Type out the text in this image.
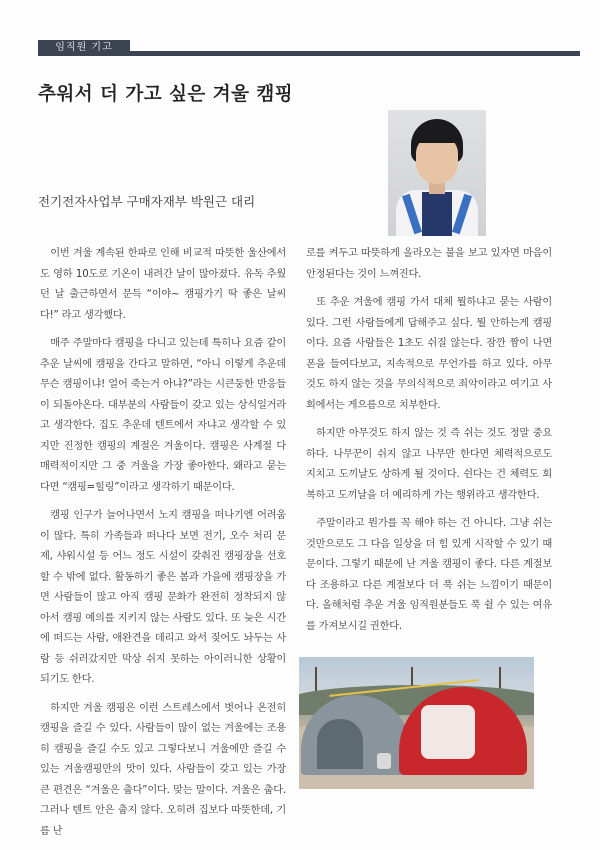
임직원 기고
추워서 더 가고 싶은 겨울 캠핑
전기전자사업부 구매자재부 박원근 대리

이번 겨울 계속된 한파로 인해 비교적 따뜻한 울산에서도 영하 10도로 기온이 내려간 날이 많아졌다. 유독 추웠던 날 출근하면서 문득 “이야~ 캠핑가기 딱 좋은 날씨다!” 라고 생각했다.

매주 주말마다 캠핑을 다니고 있는데 특히나 요즘 같이 추운 날씨에 캠핑을 간다고 말하면, “아니 이렇게 추운데 무슨 캠핑이냐! 얼어 죽는거 아냐?”라는 시큰둥한 반응들이 되돌아온다. 대부분의 사람들이 갖고 있는 상식일거라고 생각한다. 집도 추운데 텐트에서 자냐고 생각할 수 있지만 진정한 캠핑의 계절은 겨울이다. 캠핑은 사계절 다 매력적이지만 그 중 겨울을 가장 좋아한다. 왜라고 묻는다면 “캠핑=힐링”이라고 생각하기 때문이다.

캠핑 인구가 늘어나면서 노지 캠핑을 떠나기엔 어려움이 많다. 특히 가족들과 떠나다 보면 전기, 오수 처리 문제, 샤워시설 등 어느 정도 시설이 갖춰진 캠핑장을 선호 할 수 밖에 없다. 활동하기 좋은 봄과 가을에 캠핑장을 가면 사람들이 많고 아직 캠핑 문화가 완전히 정착되지 않아서 캠핑 예의를 지키지 않는 사람도 있다. 또 늦은 시간에 떠드는 사람, 애완견을 데리고 와서 짖어도 놔두는 사람 등 쉬러갔지만 막상 쉬지 못하는 아이러니한 상황이 되기도 한다.

하지만 겨울 캠핑은 이런 스트레스에서 벗어나 온전히 캠핑을 즐길 수 있다. 사람들이 많이 없는 겨울에는 조용히 캠핑을 즐길 수도 있고 그렇다보니 겨울에만 즐길 수 있는 겨울캠핑만의 맛이 있다. 사람들이 갖고 있는 가장 큰 편견은 “겨울은 춥다”이다. 맞는 말이다. 겨울은 춥다. 그러나 텐트 안은 춥지 않다. 오히려 집보다 따뜻한데, 기름 난

로를 켜두고 따뜻하게 올라오는 불을 보고 있자면 마음이 안정된다는 것이 느껴진다.

또 추운 겨울에 캠핑 가서 대체 뭘하냐고 묻는 사람이 있다. 그런 사람들에게 답해주고 싶다. 뭘 안하는게 캠핑이다. 요즘 사람들은 1초도 쉬질 않는다. 잠깐 짬이 나면 폰을 들여다보고, 지속적으로 무언가를 하고 있다. 아무것도 하지 않는 것을 무의식적으로 죄악이라고 여기고 사회에서는 게으름으로 치부한다.

하지만 아무것도 하지 않는 것 즉 쉬는 것도 정말 중요하다. 나무꾼이 쉬지 않고 나무만 한다면 체력적으로도 지치고 도끼날도 상하게 될 것이다. 쉰다는 건 체력도 회복하고 도끼날을 더 예리하게 가는 행위라고 생각한다.

주말이라고 뭔가를 꼭 해야 하는 건 아니다. 그냥 쉬는 것만으로도 그 다음 일상을 더 힘 있게 시작할 수 있기 때문이다. 그렇기 때문에 난 겨울 캠핑이 좋다. 다른 계절보다 조용하고 다른 계절보다 더 푹 쉬는 느낌이기 때문이다. 올해처럼 추운 겨울 임직원분들도 푹 쉴 수 있는 여유를 가져보시길 권한다.
